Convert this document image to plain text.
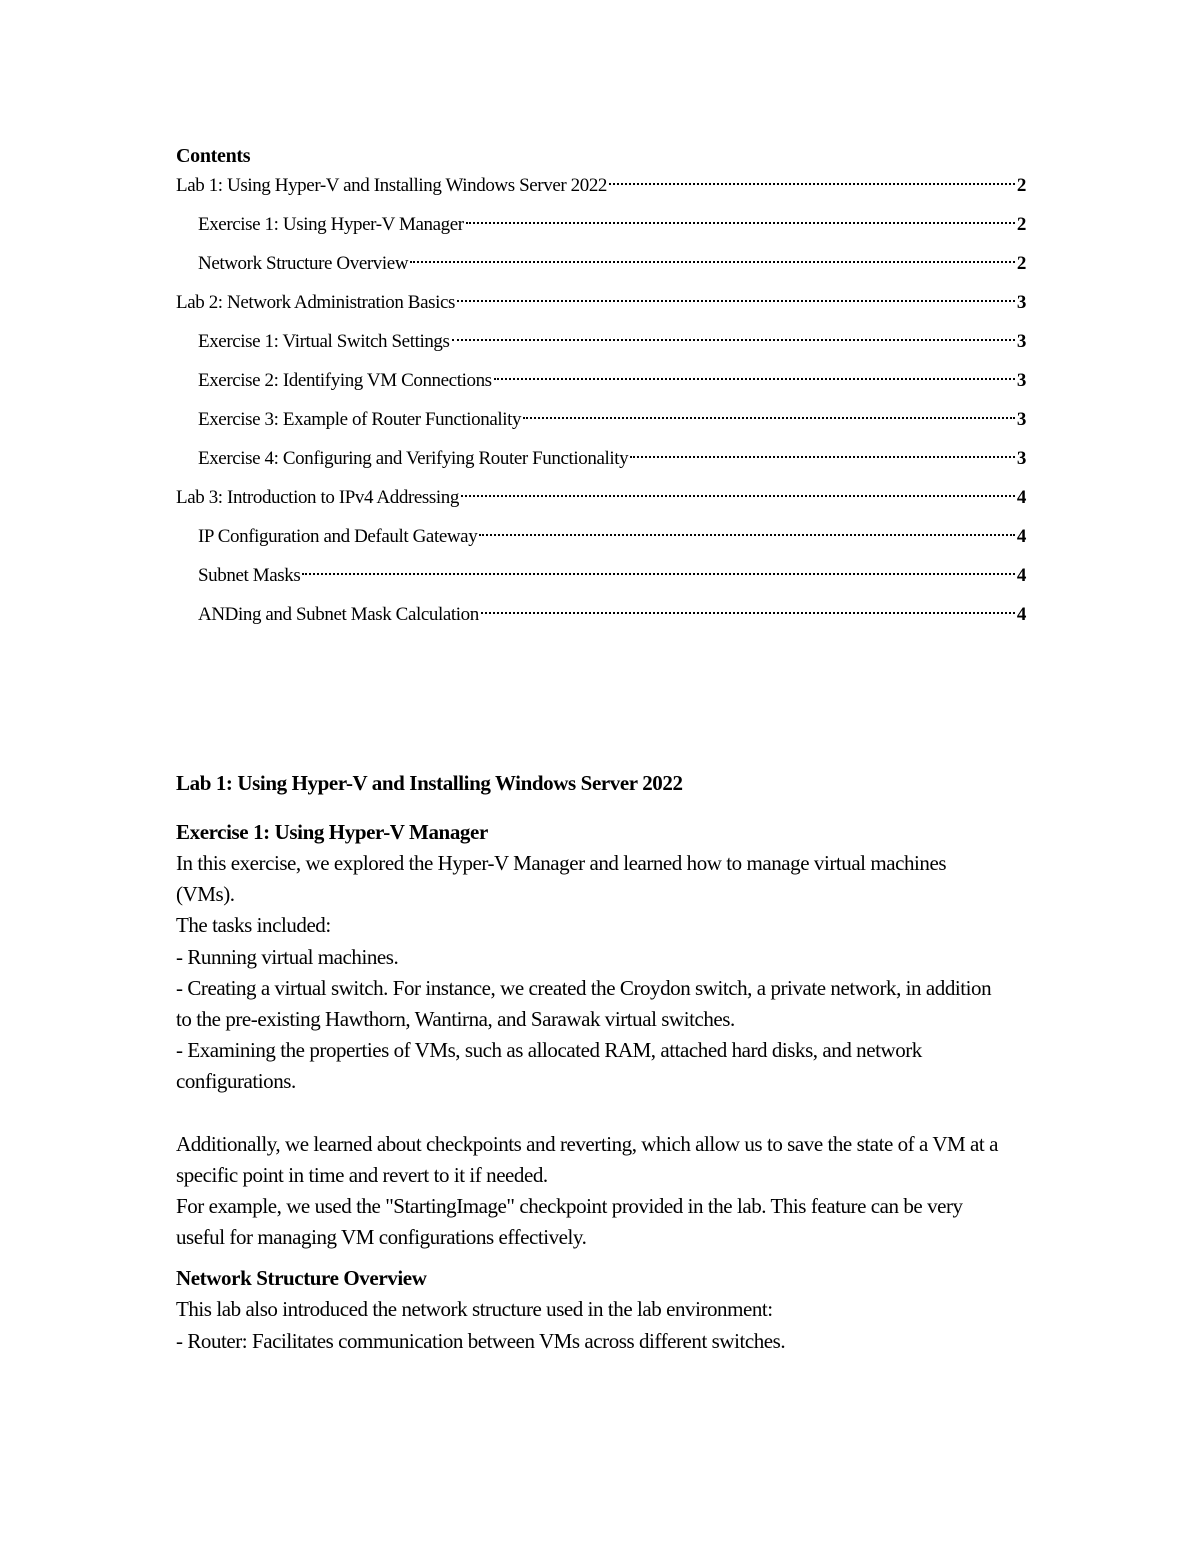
Contents
Lab 1: Using Hyper-V and Installing Windows Server 2022	2
Exercise 1: Using Hyper-V Manager	2
Network Structure Overview	2
Lab 2: Network Administration Basics	3
Exercise 1: Virtual Switch Settings	3
Exercise 2: Identifying VM Connections	3
Exercise 3: Example of Router Functionality	3
Exercise 4: Configuring and Verifying Router Functionality	3
Lab 3: Introduction to IPv4 Addressing	4
IP Configuration and Default Gateway	4
Subnet Masks	4
ANDing and Subnet Mask Calculation	4

Lab 1: Using Hyper-V and Installing Windows Server 2022

Exercise 1: Using Hyper-V Manager

In this exercise, we explored the Hyper-V Manager and learned how to manage virtual machines (VMs).

The tasks included:

- Running virtual machines.

- Creating a virtual switch. For instance, we created the Croydon switch, a private network, in addition to the pre-existing Hawthorn, Wantirna, and Sarawak virtual switches.

- Examining the properties of VMs, such as allocated RAM, attached hard disks, and network configurations.

Additionally, we learned about checkpoints and reverting, which allow us to save the state of a VM at a specific point in time and revert to it if needed.

For example, we used the "StartingImage" checkpoint provided in the lab. This feature can be very useful for managing VM configurations effectively.

Network Structure Overview

This lab also introduced the network structure used in the lab environment:

- Router: Facilitates communication between VMs across different switches.
